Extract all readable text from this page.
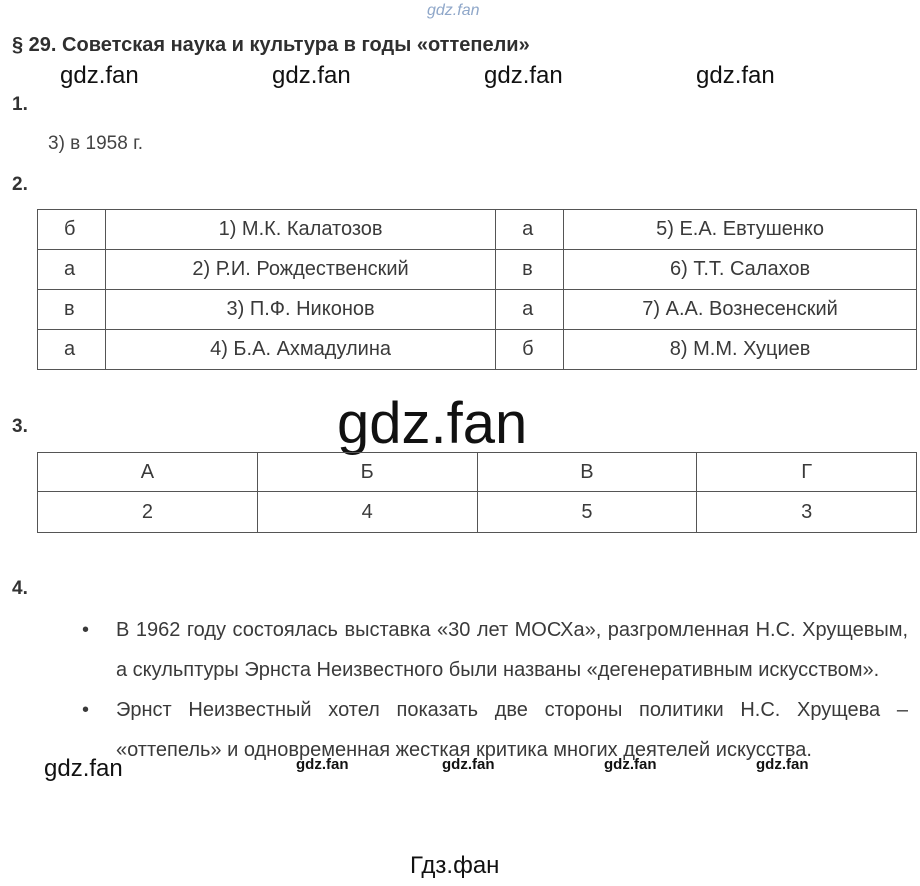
gdz.fan
§ 29. Советская наука и культура в годы «оттепели»
gdz.fan	gdz.fan	gdz.fan	gdz.fan
1.
3) в 1958 г.
2.
б	1) М.К. Калатозов	а	5) Е.А. Евтушенко
а	2) Р.И. Рождественский	в	6) Т.Т. Салахов
в	3) П.Ф. Никонов	а	7) А.А. Вознесенский
а	4) Б.А. Ахмадулина	б	8) М.М. Хуциев
3.	gdz.fan
А	Б	В	Г
2	4	5	3
4.
• В 1962 году состоялась выставка «30 лет МОСХа», разгромленная Н.С. Хрущевым, а скульптуры Эрнста Неизвестного были названы «дегенеративным искусством».
• Эрнст Неизвестный хотел показать две стороны политики Н.С. Хрущева – «оттепель» и одновременная жесткая критика многих деятелей искусства.
gdz.fan	gdz.fan	gdz.fan	gdz.fan	gdz.fan
Гдз.фан
